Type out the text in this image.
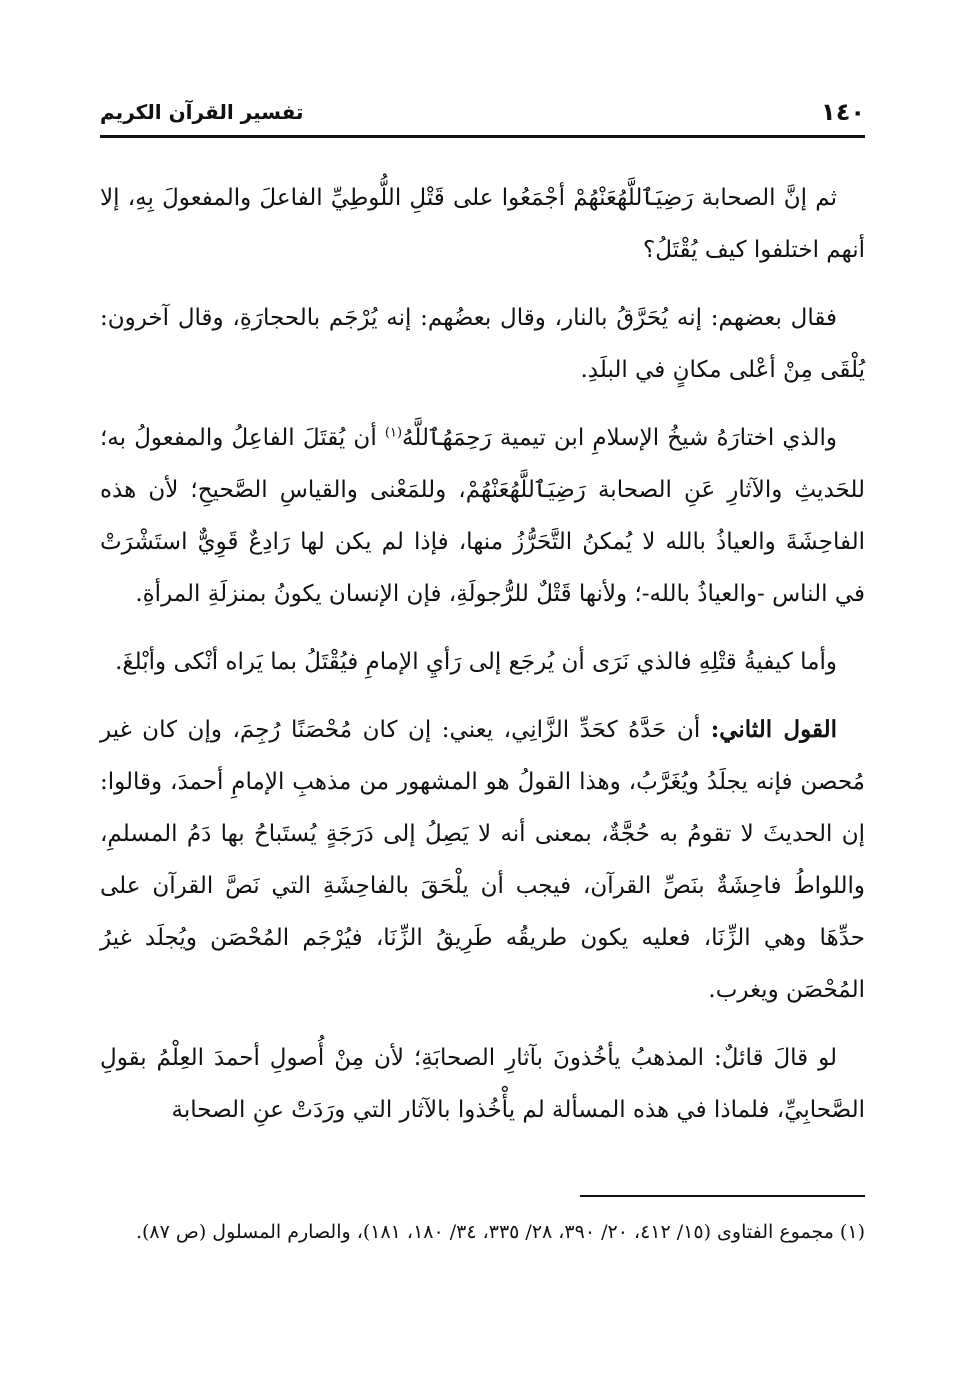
١٤٠
تفسير القرآن الكريم

ثم إنَّ الصحابة رَضِيَٱللَّهُعَنْهُمْ أجْمَعُوا على قَتْلِ اللُّوطِيِّ الفاعلَ والمفعولَ بِهِ، إلا أنهم اختلفوا كيف يُقْتَلُ؟

فقال بعضهم: إنه يُحَرَّقُ بالنار، وقال بعضُهم: إنه يُرْجَم بالحجارَةِ، وقال آخرون: يُلْقَى مِنْ أعْلى مكانٍ في البلَدِ.

والذي اختارَهُ شيخُ الإسلامِ ابن تيمية رَحِمَهُٱللَّهُ$^{(١)}$ أن يُقتَلَ الفاعِلُ والمفعولُ به؛ للحَديثِ والآثارِ عَنِ الصحابة رَضِيَٱللَّهُعَنْهُمْ، وللمَعْنى والقياسِ الصَّحيحِ؛ لأن هذه الفاحِشَةَ والعياذُ بالله لا يُمكنُ التَّحَرُّزُ منها، فإذا لم يكن لها رَادِعٌ قَوِيٌّ استَشْرَتْ في الناس -والعياذُ بالله-؛ ولأنها قَتْلٌ للرُّجولَةِ، فإن الإنسان يكونُ بمنزلَةِ المرأةِ.

وأما كيفيةُ قتْلِهِ فالذي نَرَى أن يُرجَع إلى رَأيِ الإمامِ فيُقْتَلُ بما يَراه أنْكى وأبْلغَ.

القول الثاني: أن حَدَّهُ كحَدِّ الزَّانِي، يعني: إن كان مُحْصَنًا رُجِمَ، وإن كان غير مُحصن فإنه يجلَدُ ويُغَرَّبُ، وهذا القولُ هو المشهور من مذهبِ الإمامِ أحمدَ، وقالوا: إن الحديثَ لا تقومُ به حُجَّةٌ، بمعنى أنه لا يَصِلُ إلى دَرَجَةٍ يُستَباحُ بها دَمُ المسلمِ، واللواطُ فاحِشَةٌ بنَصِّ القرآن، فيجب أن يلْحَقَ بالفاحِشَةِ التي نَصَّ القرآن على حدِّهَا وهي الزِّنَا، فعليه يكون طريقُه طَرِيقُ الزِّنَا، فيُرْجَم المُحْصَن ويُجلَد غيرُ المُحْصَن ويغرب.

لو قالَ قائلٌ: المذهبُ يأخُذونَ بآثارِ الصحابَةِ؛ لأن مِنْ أُصولِ أحمدَ العِلْمُ بقولِ الصَّحابِيِّ، فلماذا في هذه المسألة لم يأْخُذوا بالآثار التي ورَدَتْ عنِ الصحابة

(١) مجموع الفتاوى (١٥/ ٤١٢، ٢٠/ ٣٩٠، ٢٨/ ٣٣٥، ٣٤/ ١٨٠، ١٨١)، والصارم المسلول (ص ٨٧).
